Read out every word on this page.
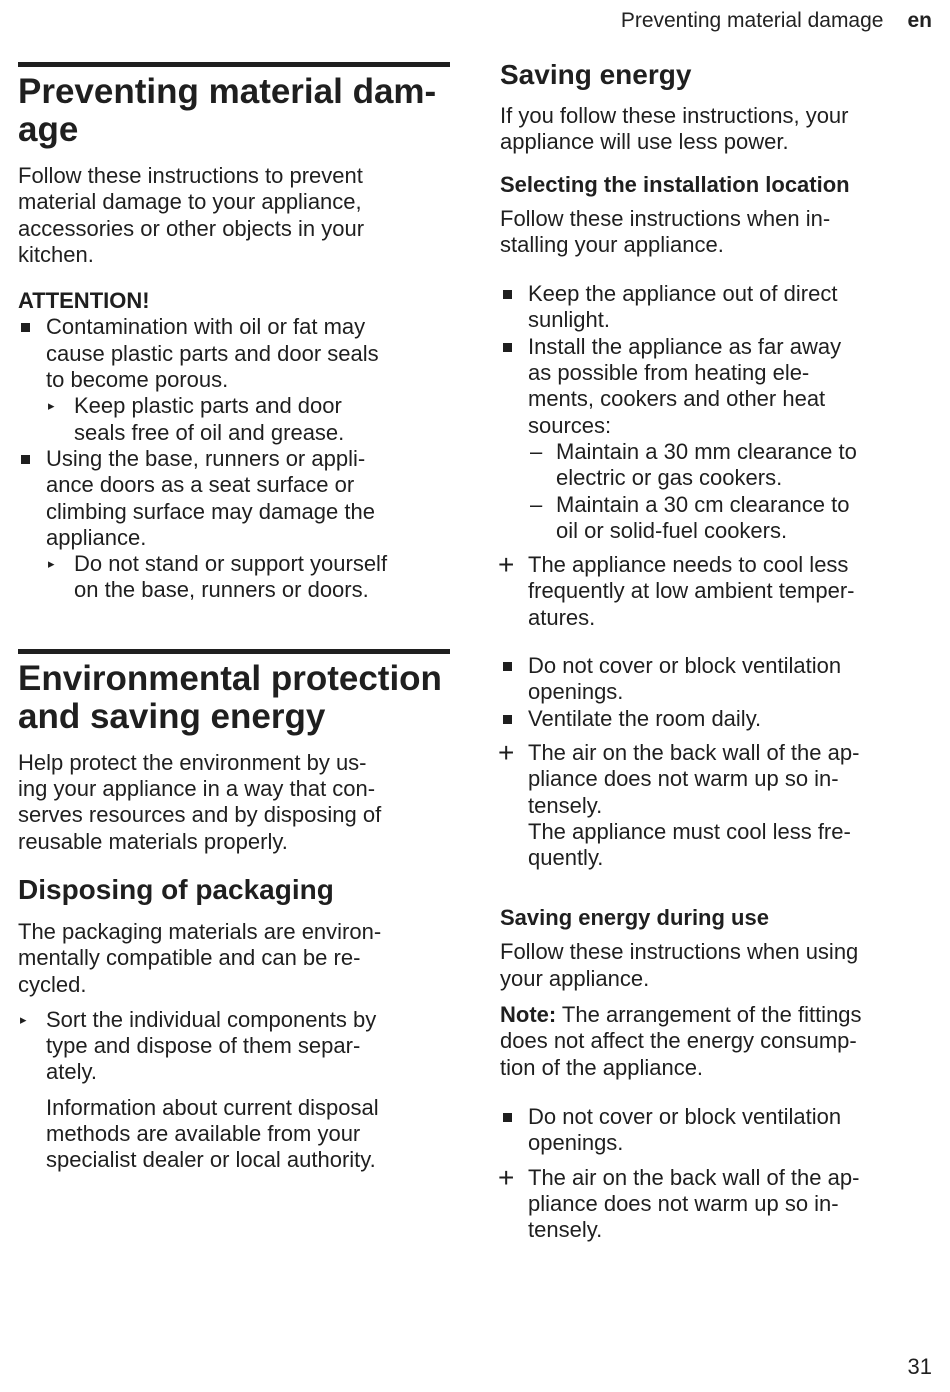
Preventing material damage en
Preventing material dam-
age

Follow these instructions to prevent
material damage to your appliance,
accessories or other objects in your
kitchen.

ATTENTION!

Contamination with oil or fat may
cause plastic parts and door seals
to become porous.
▸ Keep plastic parts and door
seals free of oil and grease.
Using the base, runners or appli-
ance doors as a seat surface or
climbing surface may damage the
appliance.
▸ Do not stand or support yourself
on the base, runners or doors.
Environmental protection
and saving energy

Help protect the environment by us-
ing your appliance in a way that con-
serves resources and by disposing of
reusable materials properly.

Disposing of packaging

The packaging materials are environ-
mentally compatible and can be re-
cycled.

▸ Sort the individual components by
type and dispose of them separ-
ately.

Information about current disposal
methods are available from your
specialist dealer or local authority.

Saving energy

If you follow these instructions, your
appliance will use less power.

Selecting the installation location

Follow these instructions when in-
stalling your appliance.

Keep the appliance out of direct
sunlight.
Install the appliance as far away
as possible from heating ele-
ments, cookers and other heat
sources:
– Maintain a 30 mm clearance to
electric or gas cookers.
– Maintain a 30 cm clearance to
oil or solid-fuel cookers.
+ The appliance needs to cool less
frequently at low ambient temper-
atures.
Do not cover or block ventilation
openings.
Ventilate the room daily.
+ The air on the back wall of the ap-
pliance does not warm up so in-
tensely.
The appliance must cool less fre-
quently.
Saving energy during use

Follow these instructions when using
your appliance.

Note: The arrangement of the fittings
does not affect the energy consump-
tion of the appliance.

Do not cover or block ventilation
openings.
+ The air on the back wall of the ap-
pliance does not warm up so in-
tensely.
31
